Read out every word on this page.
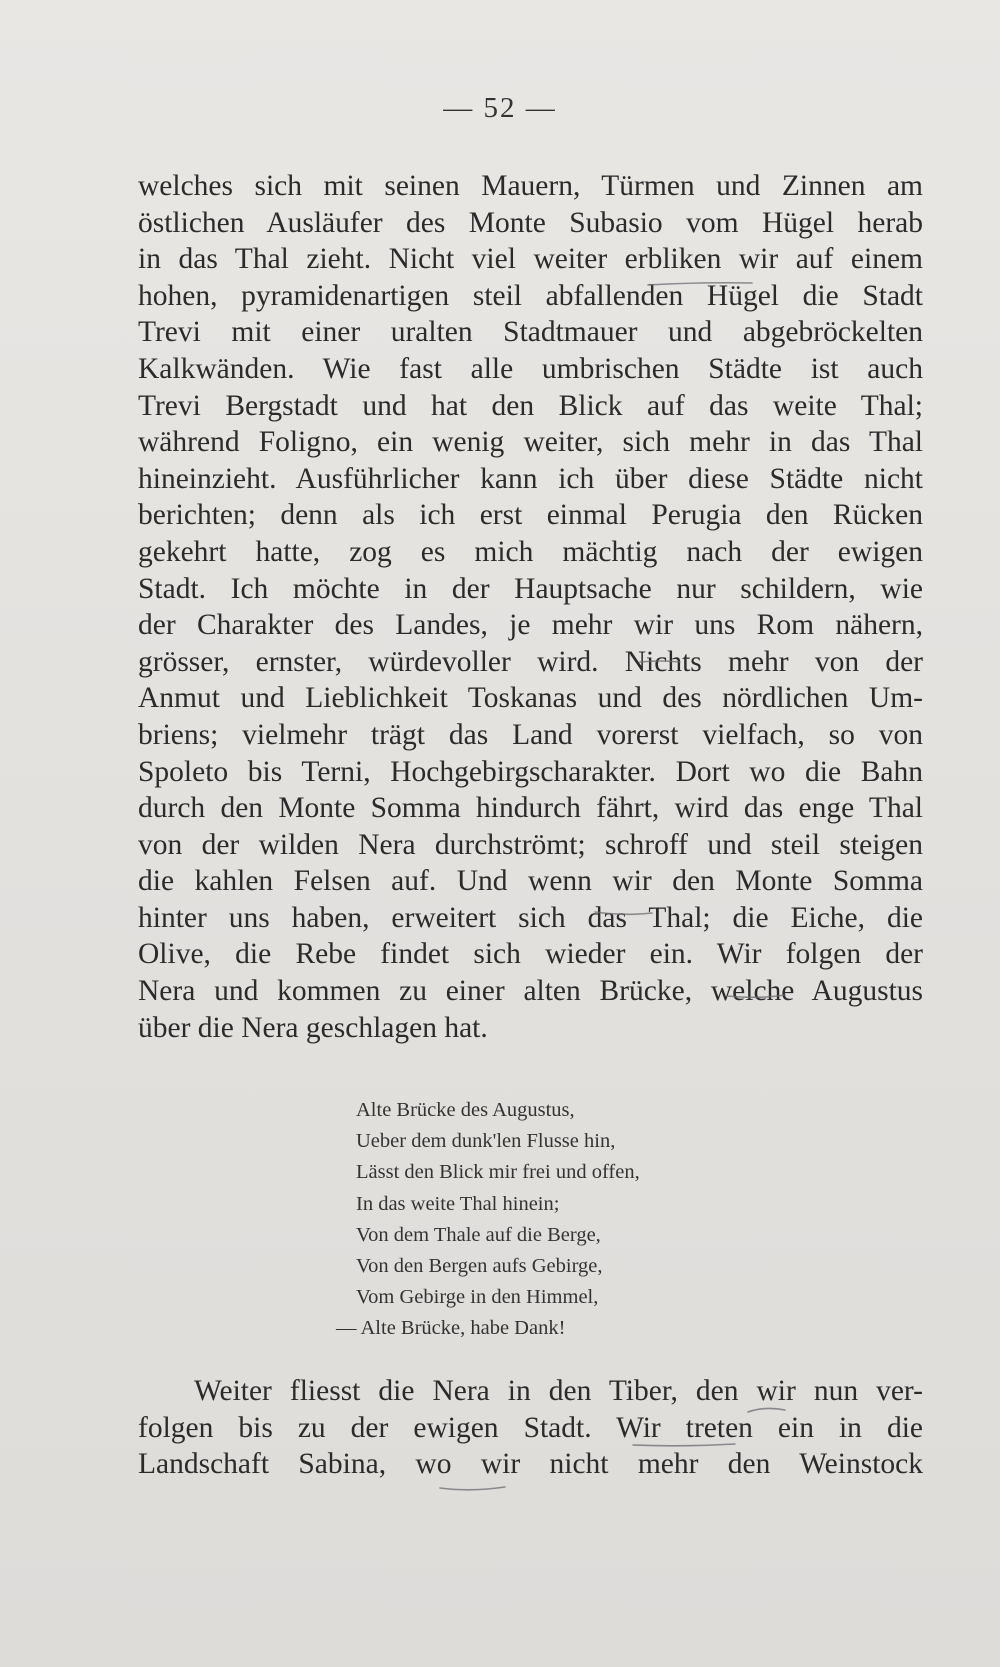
— 52 —
welches sich mit seinen Mauern, Türmen und Zinnen am
östlichen Ausläufer des Monte Subasio vom Hügel herab
in das Thal zieht. Nicht viel weiter erbliken wir auf einem
hohen, pyramidenartigen steil abfallenden Hügel die Stadt
Trevi mit einer uralten Stadtmauer und abgebröckelten
Kalkwänden. Wie fast alle umbrischen Städte ist auch
Trevi Bergstadt und hat den Blick auf das weite Thal;
während Foligno, ein wenig weiter, sich mehr in das Thal
hineinzieht. Ausführlicher kann ich über diese Städte nicht
berichten; denn als ich erst einmal Perugia den Rücken
gekehrt hatte, zog es mich mächtig nach der ewigen
Stadt. Ich möchte in der Hauptsache nur schildern, wie
der Charakter des Landes, je mehr wir uns Rom nähern,
grösser, ernster, würdevoller wird. Nichts mehr von der
Anmut und Lieblichkeit Toskanas und des nördlichen Um-
briens; vielmehr trägt das Land vorerst vielfach, so von
Spoleto bis Terni, Hochgebirgscharakter. Dort wo die Bahn
durch den Monte Somma hindurch fährt, wird das enge Thal
von der wilden Nera durchströmt; schroff und steil steigen
die kahlen Felsen auf. Und wenn wir den Monte Somma
hinter uns haben, erweitert sich das Thal; die Eiche, die
Olive, die Rebe findet sich wieder ein. Wir folgen der
Nera und kommen zu einer alten Brücke, welche Augustus
über die Nera geschlagen hat.
Alte Brücke des Augustus,
Ueber dem dunk'len Flusse hin,
Lässt den Blick mir frei und offen,
In das weite Thal hinein;
Von dem Thale auf die Berge,
Von den Bergen aufs Gebirge,
Vom Gebirge in den Himmel,
— Alte Brücke, habe Dank!
Weiter fliesst die Nera in den Tiber, den wir nun ver-
folgen bis zu der ewigen Stadt. Wir treten ein in die
Landschaft Sabina, wo wir nicht mehr den Weinstock
